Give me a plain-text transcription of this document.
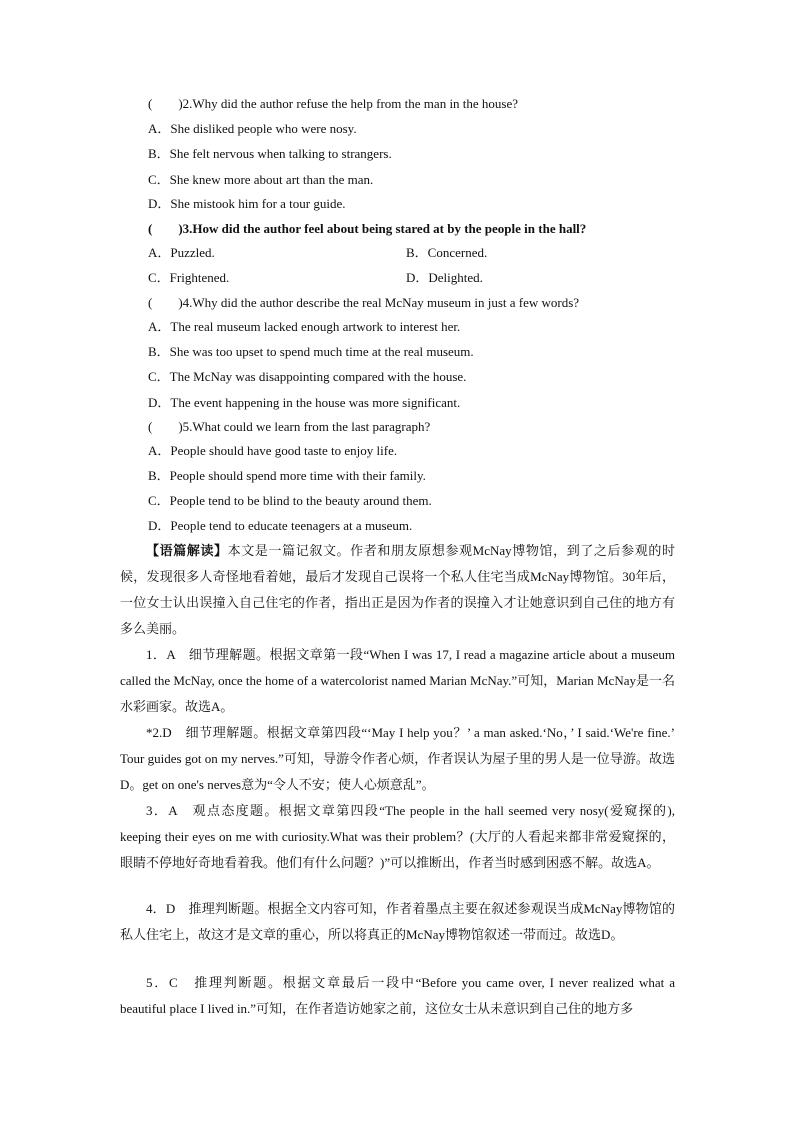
(　　)2.Why did the author refuse the help from the man in the house?
A．She disliked people who were nosy.
B．She felt nervous when talking to strangers.
C．She knew more about art than the man.
D．She mistook him for a tour guide.
(　　)3.How did the author feel about being stared at by the people in the hall?
A．Puzzled.	B．Concerned.
C．Frightened.	D．Delighted.
(　　)4.Why did the author describe the real McNay museum in just a few words?
A．The real museum lacked enough artwork to interest her.
B．She was too upset to spend much time at the real museum.
C．The McNay was disappointing compared with the house.
D．The event happening in the house was more significant.
(　　)5.What could we learn from the last paragraph?
A．People should have good taste to enjoy life.
B．People should spend more time with their family.
C．People tend to be blind to the beauty around them.
D．People tend to educate teenagers at a museum.
【语篇解读】本文是一篇记叙文。作者和朋友原想参观McNay博物馆，到了之后参观的时候，发现很多人奇怪地看着她，最后才发现自己误将一个私人住宅当成McNay博物馆。30年后，一位女士认出误撞入自己住宅的作者，指出正是因为作者的误撞入才让她意识到自己住的地方有多么美丽。
1．A　细节理解题。根据文章第一段“When I was 17, I read a magazine article about a museum called the McNay, once the home of a watercolorist named Marian McNay.”可知，Marian McNay是一名水彩画家。故选A。
*2.D　细节理解题。根据文章第四段“‘May I help you？’ a man asked.‘No，’ I said.‘We're fine.’ Tour guides got on my nerves.”可知，导游令作者心烦，作者误认为屋子里的男人是一位导游。故选D。get on one's nerves意为“令人不安；使人心烦意乱”。
3．A　观点态度题。根据文章第四段“The people in the hall seemed very nosy(爱窥探的), keeping their eyes on me with curiosity.What was their problem？(大厅的人看起来都非常爱窥探的，眼睛不停地好奇地看着我。他们有什么问题？)”可以推断出，作者当时感到困惑不解。故选A。
4．D　推理判断题。根据全文内容可知，作者着墨点主要在叙述参观误当成McNay博物馆的私人住宅上，故这才是文章的重心，所以将真正的McNay博物馆叙述一带而过。故选D。
5．C　推理判断题。根据文章最后一段中“Before you came over, I never realized what a beautiful place I lived in.”可知，在作者造访她家之前，这位女士从未意识到自己住的地方多
